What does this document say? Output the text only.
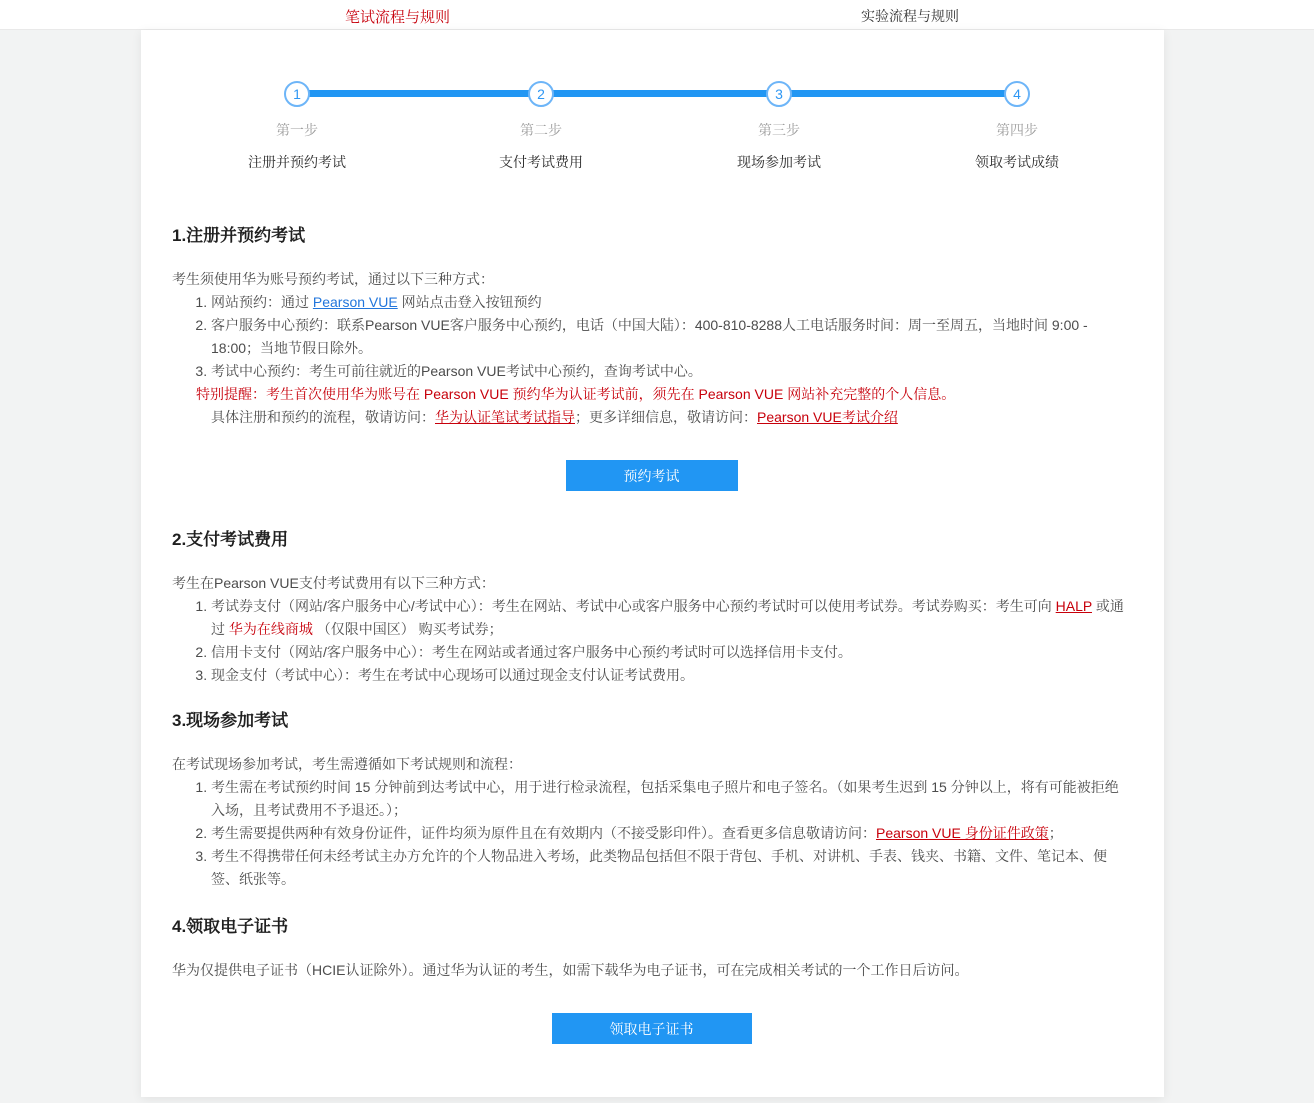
笔试流程与规则	实验流程与规则
1	2	3	4
第一步	第二步	第三步	第四步
注册并预约考试	支付考试费用	现场参加考试	领取考试成绩
1.注册并预约考试

考生须使用华为账号预约考试，通过以下三种方式：

1. 网站预约：通过 Pearson VUE 网站点击登入按钮预约
2. 客户服务中心预约：联系Pearson VUE客户服务中心预约，电话（中国大陆）：400-810-8288人工电话服务时间：周一至周五，当地时间 9:00 - 18:00；当地节假日除外。
3. 考试中心预约：考生可前往就近的Pearson VUE考试中心预约，查询考试中心。

特别提醒：考生首次使用华为账号在 Pearson VUE 预约华为认证考试前，须先在 Pearson VUE 网站补充完整的个人信息。

具体注册和预约的流程，敬请访问：华为认证笔试考试指导；更多详细信息，敬请访问：Pearson VUE考试介绍

预约考试
2.支付考试费用

考生在Pearson VUE支付考试费用有以下三种方式：

1. 考试券支付（网站/客户服务中心/考试中心）：考生在网站、考试中心或客户服务中心预约考试时可以使用考试券。考试券购买：考生可向 HALP 或通过 华为在线商城 （仅限中国区） 购买考试券；
2. 信用卡支付（网站/客户服务中心）：考生在网站或者通过客户服务中心预约考试时可以选择信用卡支付。
3. 现金支付（考试中心）：考生在考试中心现场可以通过现金支付认证考试费用。
3.现场参加考试

在考试现场参加考试，考生需遵循如下考试规则和流程：

1. 考生需在考试预约时间 15 分钟前到达考试中心，用于进行检录流程，包括采集电子照片和电子签名。（如果考生迟到 15 分钟以上，将有可能被拒绝入场，且考试费用不予退还。）；
2. 考生需要提供两种有效身份证件，证件均须为原件且在有效期内（不接受影印件）。查看更多信息敬请访问：Pearson VUE 身份证件政策；
3. 考生不得携带任何未经考试主办方允许的个人物品进入考场，此类物品包括但不限于背包、手机、对讲机、手表、钱夹、书籍、文件、笔记本、便签、纸张等。
4.领取电子证书

华为仅提供电子证书（HCIE认证除外）。通过华为认证的考生，如需下载华为电子证书，可在完成相关考试的一个工作日后访问。

领取电子证书
